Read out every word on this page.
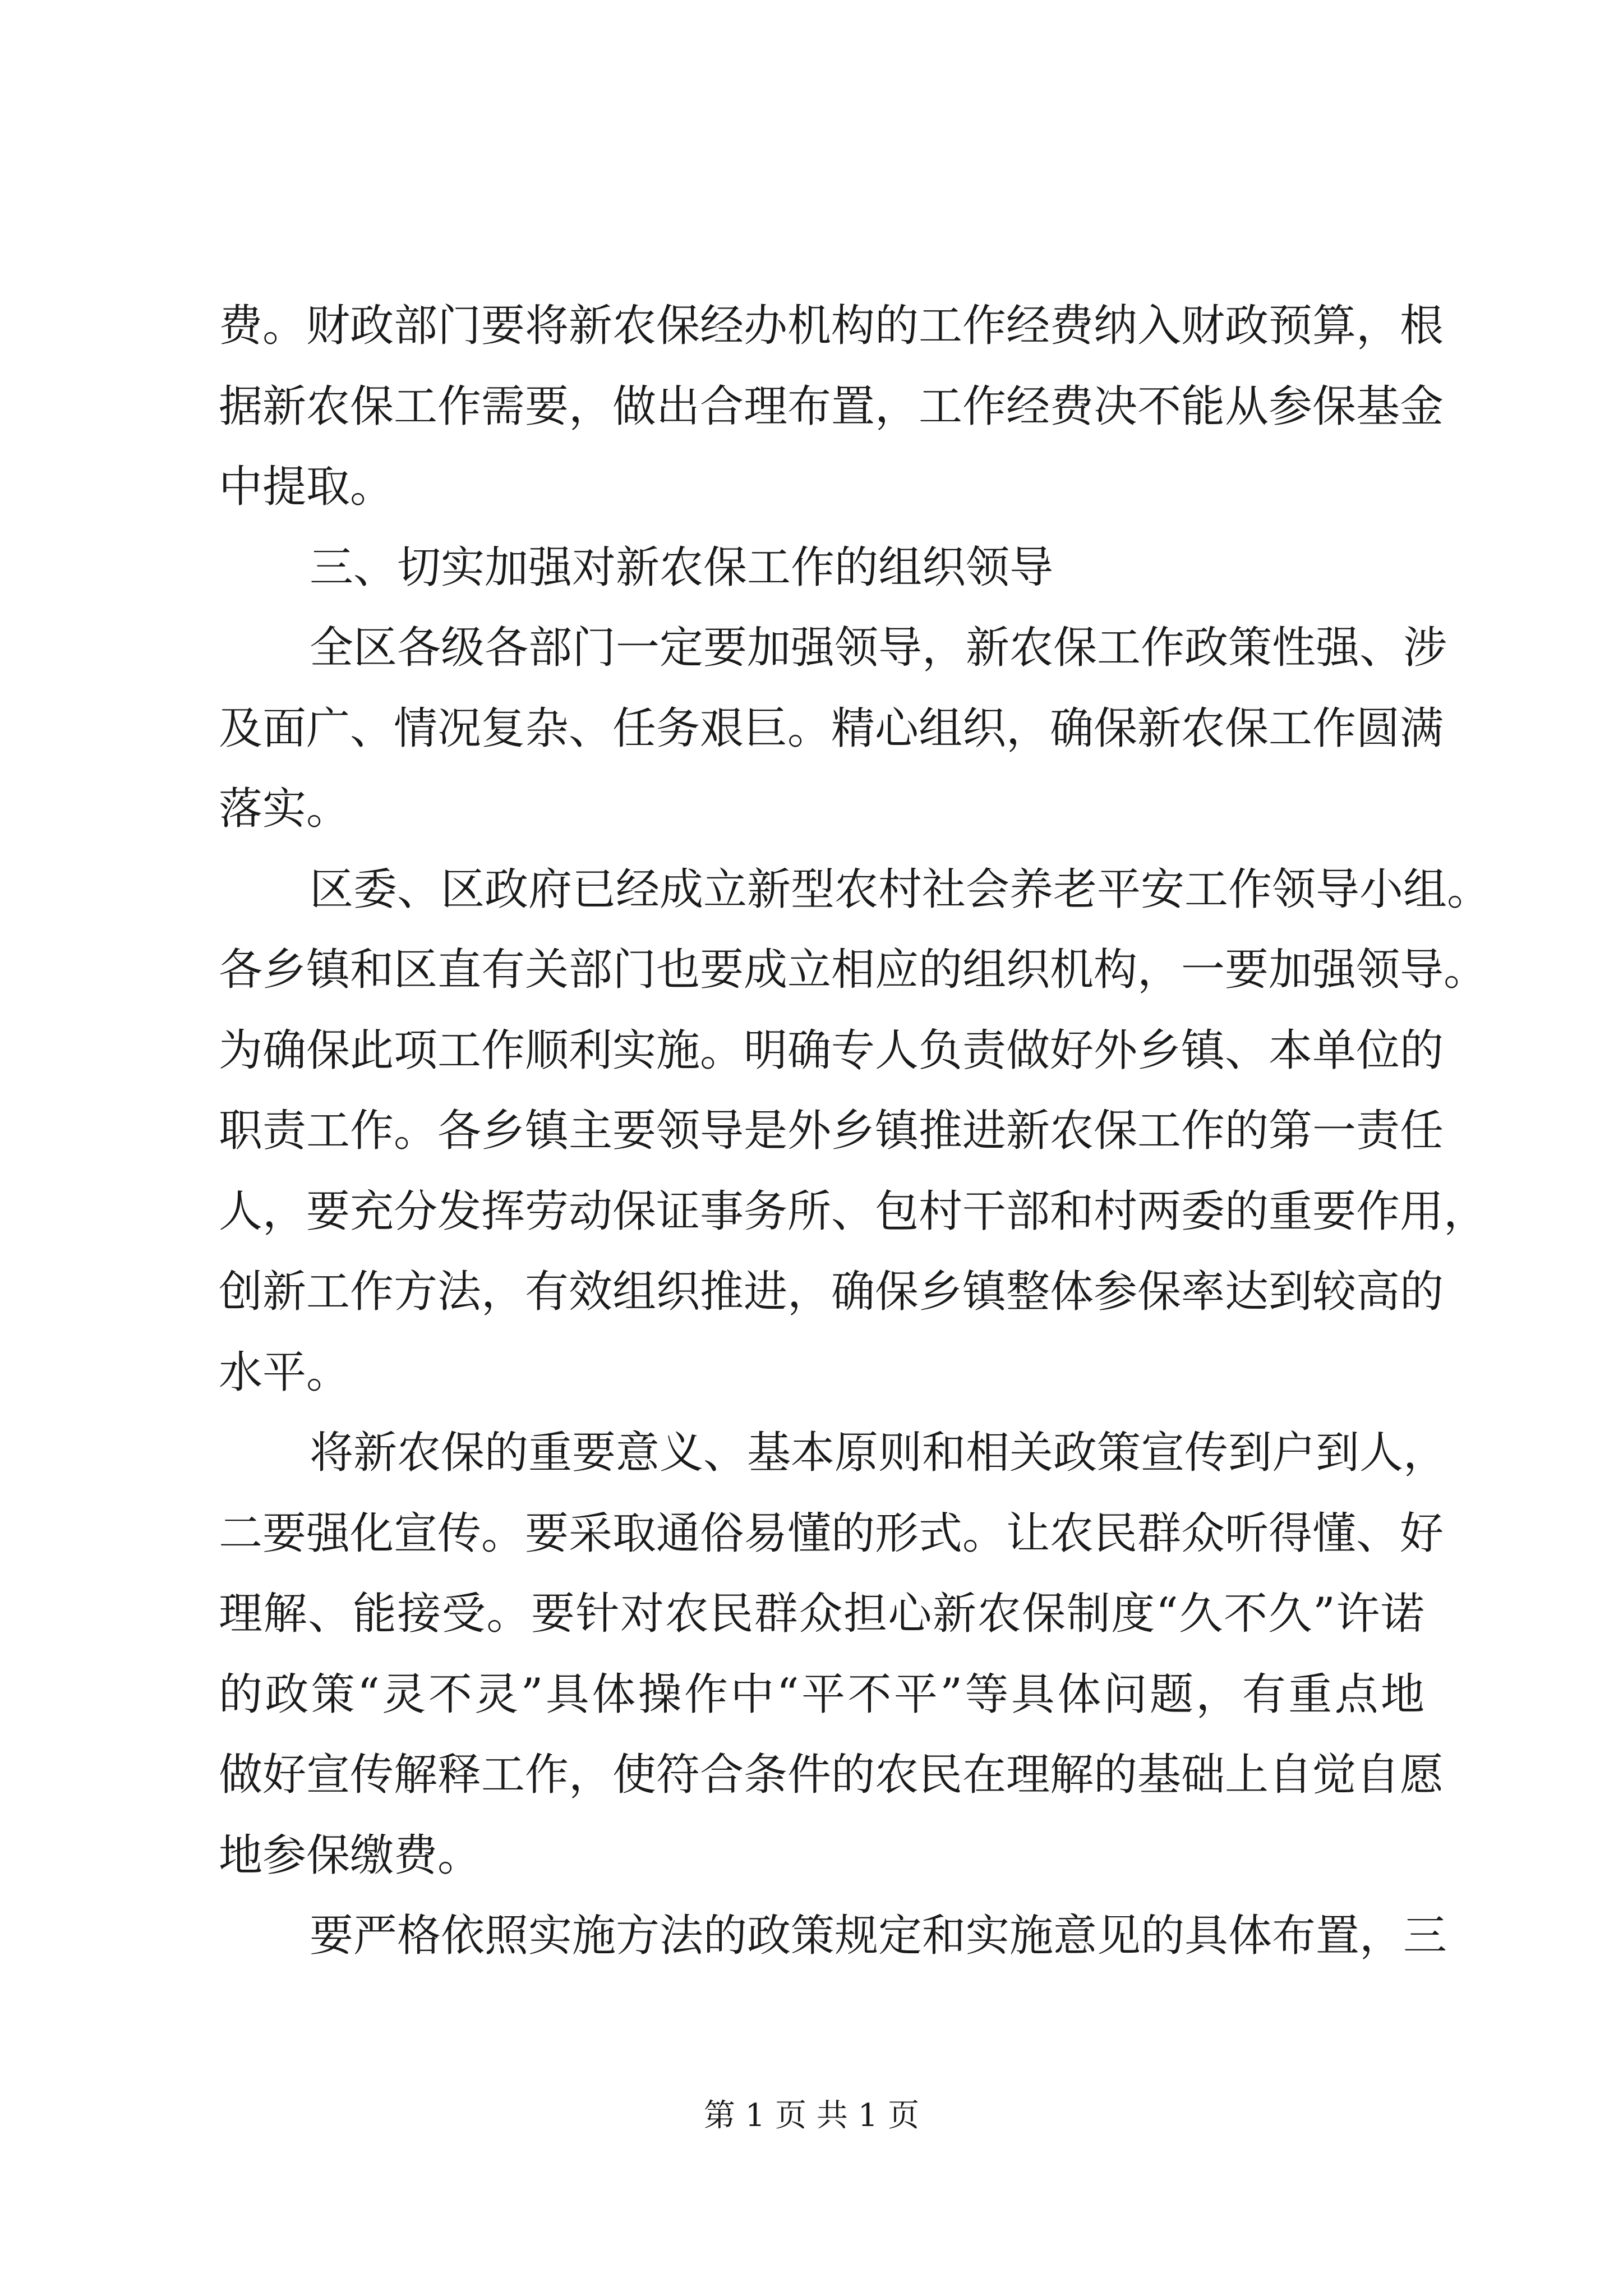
费。财政部门要将新农保经办机构的工作经费纳入财政预算，根
据新农保工作需要，做出合理布置，工作经费决不能从参保基金
中提取。
三、切实加强对新农保工作的组织领导
全区各级各部门一定要加强领导，新农保工作政策性强、涉
及面广、情况复杂、任务艰巨。精心组织，确保新农保工作圆满
落实。
区委、区政府已经成立新型农村社会养老平安工作领导小组。
各乡镇和区直有关部门也要成立相应的组织机构，一要加强领导。
为确保此项工作顺利实施。明确专人负责做好外乡镇、本单位的
职责工作。各乡镇主要领导是外乡镇推进新农保工作的第一责任
人，要充分发挥劳动保证事务所、包村干部和村两委的重要作用，
创新工作方法，有效组织推进，确保乡镇整体参保率达到较高的
水平。
将新农保的重要意义、基本原则和相关政策宣传到户到人，
二要强化宣传。要采取通俗易懂的形式。让农民群众听得懂、好
理解、能接受。要针对农民群众担心新农保制度“久不久”许诺
的政策“灵不灵”具体操作中“平不平”等具体问题，有重点地
做好宣传解释工作，使符合条件的农民在理解的基础上自觉自愿
地参保缴费。
要严格依照实施方法的政策规定和实施意见的具体布置，三
第 1 页 共 1 页
